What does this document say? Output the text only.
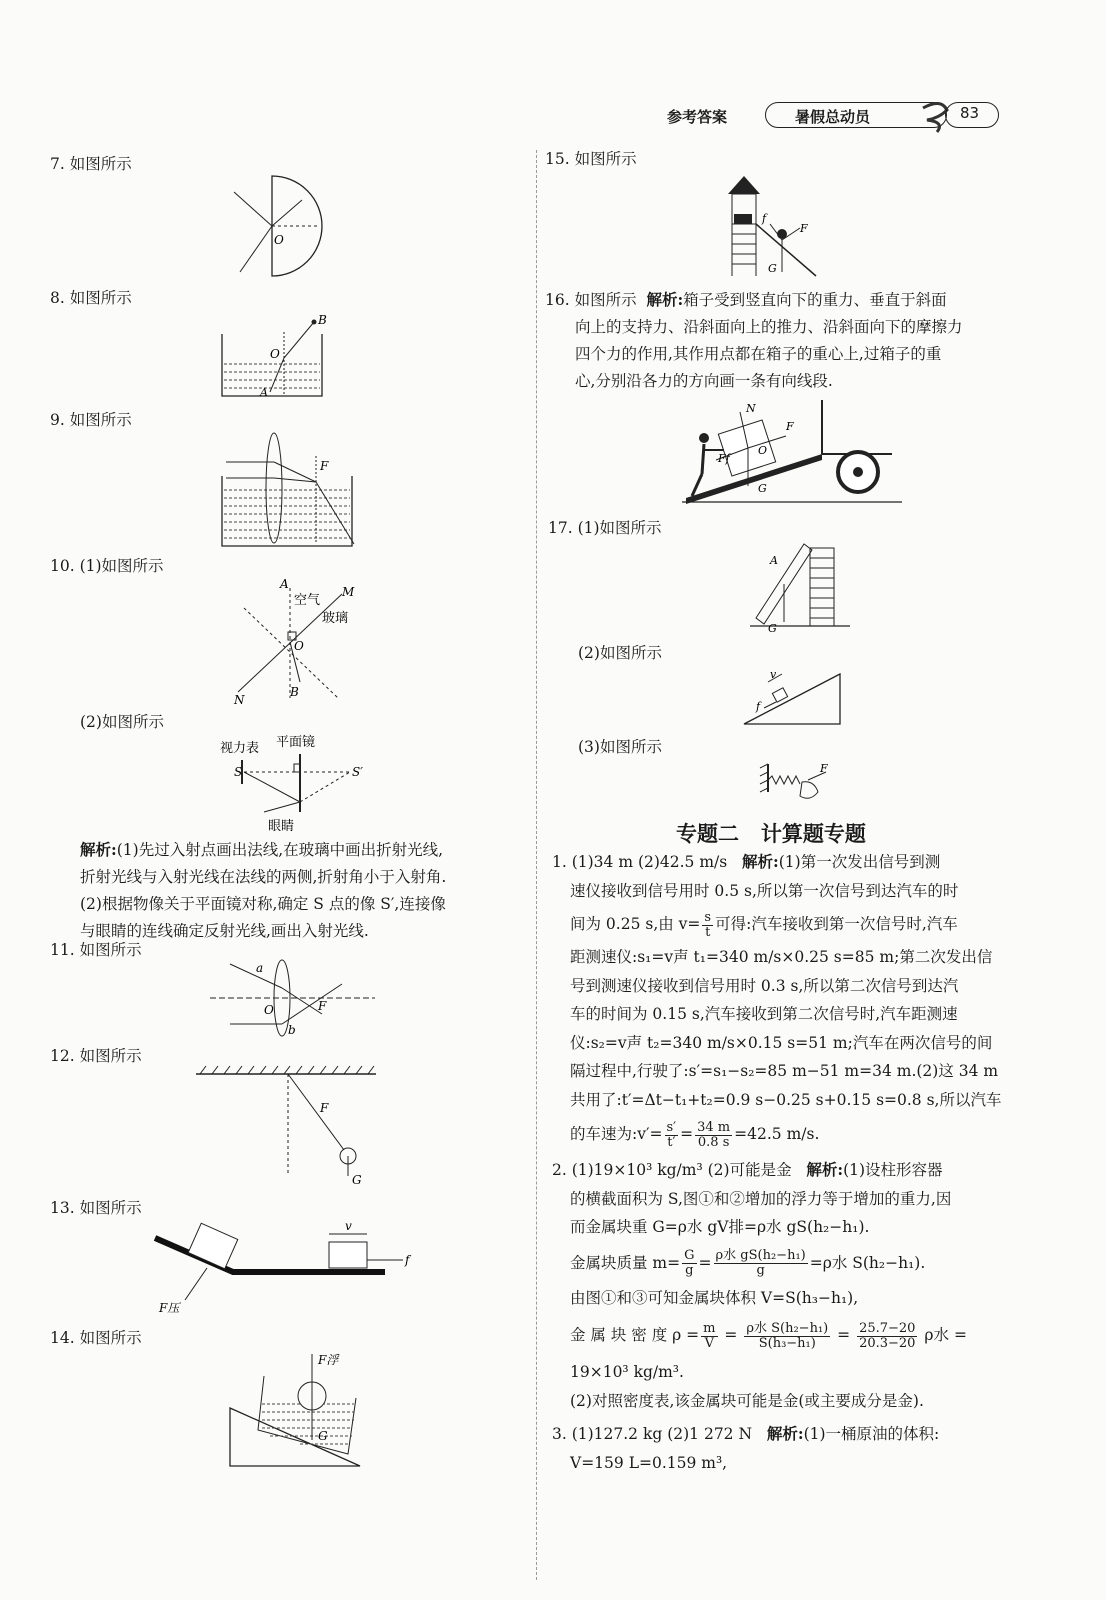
参考答案	暑假总动员	83
7. 如图所示
O
8. 如图所示
B
O
A
9. 如图所示
F
10. (1)如图所示
A
空气
M
玻璃
O
N
B
(2)如图所示
视力表 平面镜
S	S′
眼睛
解析:(1)先过入射点画出法线,在玻璃中画出折射光线,
折射光线与入射光线在法线的两侧,折射角小于入射角.
(2)根据物像关于平面镜对称,确定 S 点的像 S′,连接像
与眼睛的连线确定反射光线,画出入射光线.
11. 如图所示
a
O
b
F
12. 如图所示
F
G
13. 如图所示
v
f
F压
14. 如图所示
F浮
G
15. 如图所示
f
F
G
16. 如图所示 解析:箱子受到竖直向下的重力、垂直于斜面
向上的支持力、沿斜面向上的推力、沿斜面向下的摩擦力
四个力的作用,其作用点都在箱子的重心上,过箱子的重
心,分别沿各力的方向画一条有向线段.
N
F
O
Ff
G
17. (1)如图所示
A
G
(2)如图所示
v
f
(3)如图所示
F
专题二   计算题专题
1. (1)34 m (2)42.5 m/s 解析:(1)第一次发出信号到测
速仪接收到信号用时 0.5 s,所以第一次信号到达汽车的时
间为 0.25 s,由 $v= \frac{s}{t}$ 可得:汽车接收到第一次信号时,汽车
距测速仪:s₁=v声 t₁=340 m/s×0.25 s=85 m;第二次发出信
号到测速仪接收到信号用时 0.3 s,所以第二次信号到达汽
车的时间为 0.15 s,汽车接收到第二次信号时,汽车距测速
仪:s₂=v声 t₂=340 m/s×0.15 s=51 m;汽车在两次信号的间
隔过程中,行驶了:s′=s₁−s₂=85 m−51 m=34 m.(2)这 34 m
共用了:t′=Δt−t₁+t₂=0.9 s−0.25 s+0.15 s=0.8 s,所以汽车
的车速为:v′= $\frac{s'}{t'} = \frac{34 m}{0.8 s} =42.5$ m/s.
2. (1)19×10³ kg/m³ (2)可能是金 解析:(1)设柱形容器
的横截面积为 S,图①和②增加的浮力等于增加的重力,因
而金属块重 G=ρ水 gV排=ρ水 gS(h₂−h₁).
金属块质量 $m= \frac{G}{g} = \frac{\text{ρ水 gS(h₂−h₁)}}{g} =\rho$水 S(h₂−h₁).
由图①和③可知金属块体积 V=S(h₃−h₁),
金 属 块 密 度 $\rho = \frac{m}{V} = \frac{\text{ρ水 S(h₂−h₁)}}{\text{S(h₃−h₁)}} = \frac{25.7-20}{20.3-20}$ ρ水 =
19×10³ kg/m³.
(2)对照密度表,该金属块可能是金(或主要成分是金).
3. (1)127.2 kg (2)1 272 N 解析:(1)一桶原油的体积:
V=159 L=0.159 m³,
